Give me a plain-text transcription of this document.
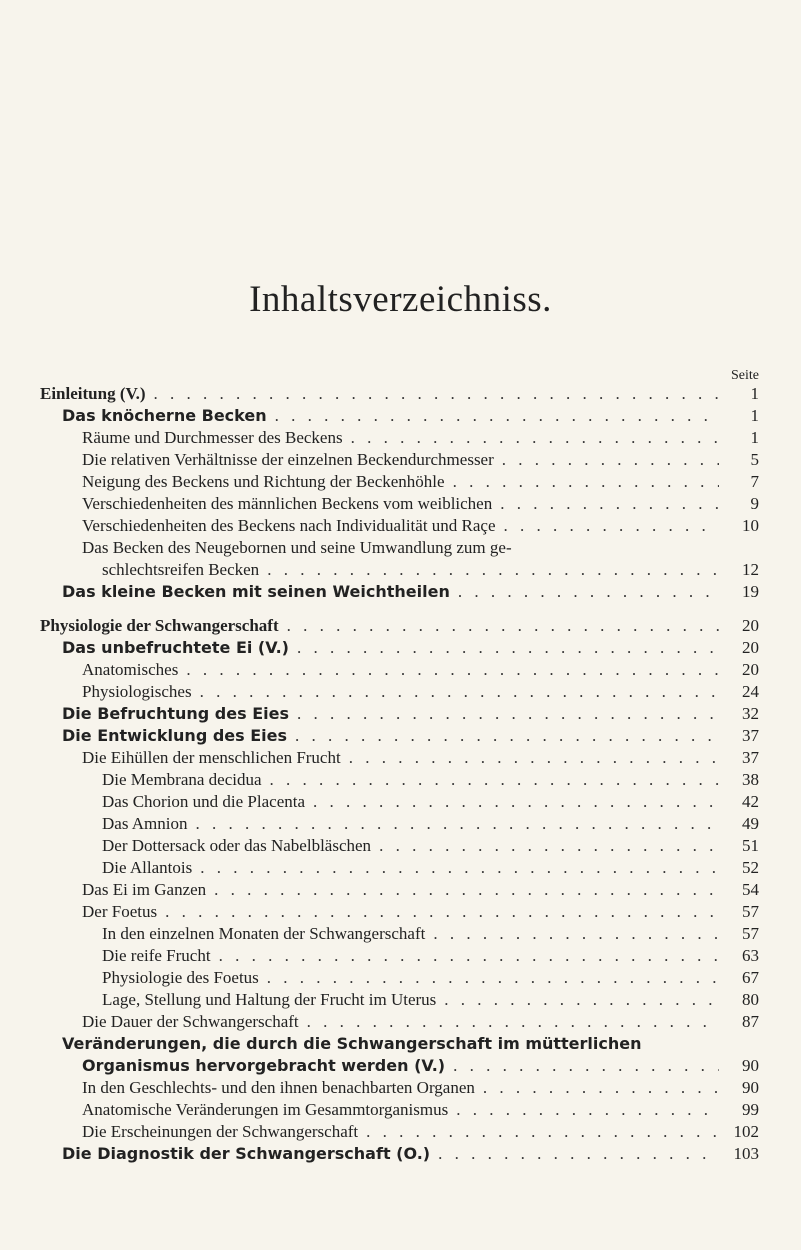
Inhaltsverzeichniss.
Seite
Einleitung (V.) . . .	1
Das knöcherne Becken . . .	1
Räume und Durchmesser des Beckens . . .	1
Die relativen Verhältnisse der einzelnen Beckendurchmesser . . .	5
Neigung des Beckens und Richtung der Beckenhöhle . . .	7
Verschiedenheiten des männlichen Beckens vom weiblichen . . .	9
Verschiedenheiten des Beckens nach Individualität und Raçe . . .	10
Das Becken des Neugebornen und seine Umwandlung zum ge-
schlechtsreifen Becken . . .	12
Das kleine Becken mit seinen Weichtheilen . . .	19
Physiologie der Schwangerschaft . . .	20
Das unbefruchtete Ei (V.) . . .	20
Anatomisches . . .	20
Physiologisches . . .	24
Die Befruchtung des Eies . . .	32
Die Entwicklung des Eies . . .	37
Die Eihüllen der menschlichen Frucht . . .	37
Die Membrana decidua . . .	38
Das Chorion und die Placenta . . .	42
Das Amnion . . .	49
Der Dottersack oder das Nabelbläschen . . .	51
Die Allantois . . .	52
Das Ei im Ganzen . . .	54
Der Foetus . . .	57
In den einzelnen Monaten der Schwangerschaft . . .	57
Die reife Frucht . . .	63
Physiologie des Foetus . . .	67
Lage, Stellung und Haltung der Frucht im Uterus . . .	80
Die Dauer der Schwangerschaft . . .	87
Veränderungen, die durch die Schwangerschaft im mütterlichen
Organismus hervorgebracht werden (V.) . . .	90
In den Geschlechts- und den ihnen benachbarten Organen . . .	90
Anatomische Veränderungen im Gesammtorganismus . . .	99
Die Erscheinungen der Schwangerschaft . . .	102
Die Diagnostik der Schwangerschaft (O.) . . .	103
